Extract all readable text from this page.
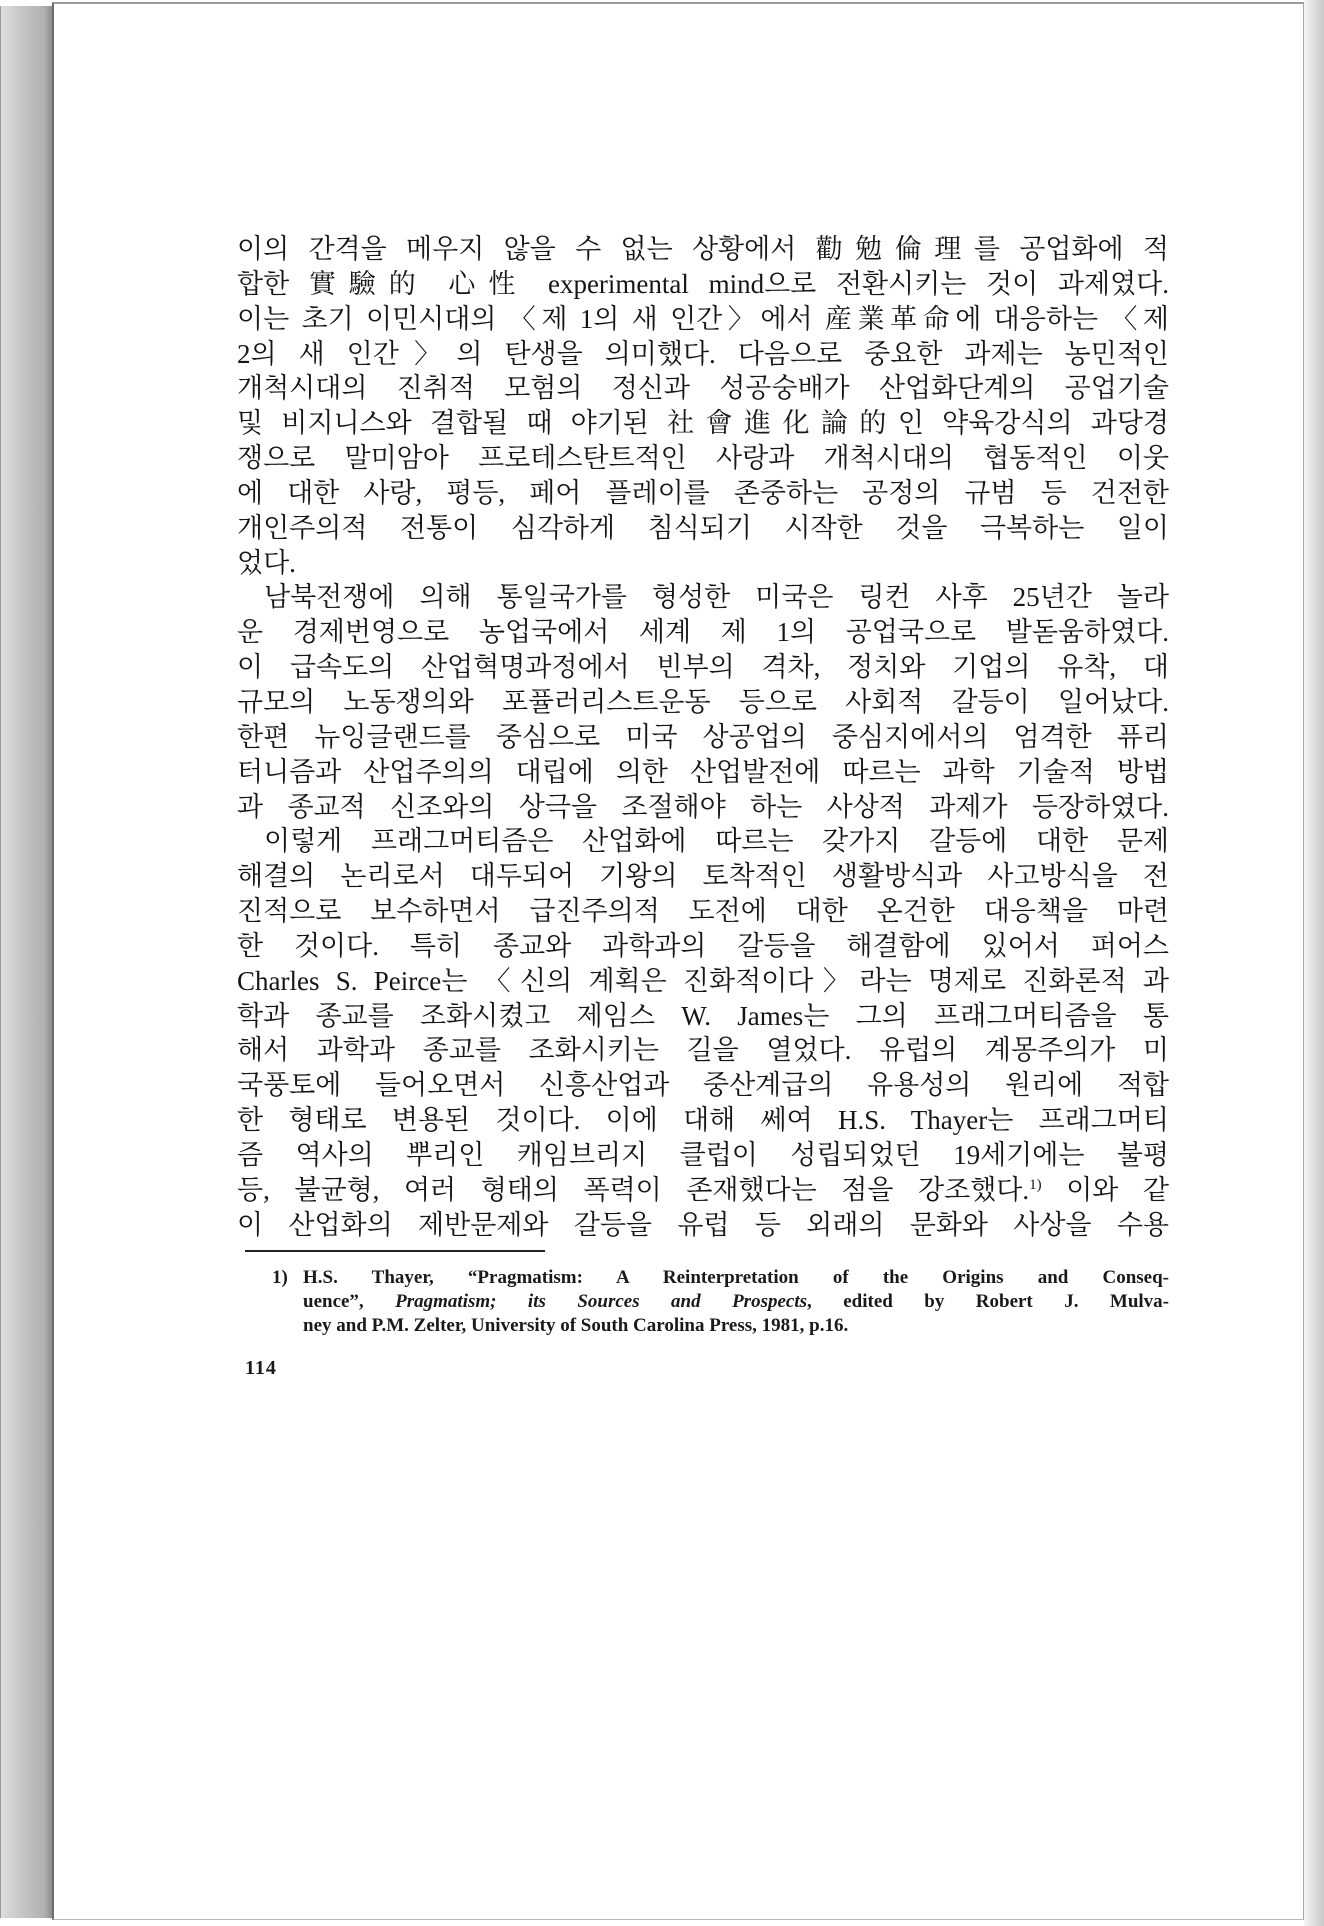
이의 간격을 메우지 않을 수 없는 상황에서 勸勉倫理를 공업화에 적
합한 實驗的 心性 experimental mind으로 전환시키는 것이 과제였다.
이는 초기 이민시대의 〈제 1의 새 인간〉에서 産業革命에 대응하는 〈제
2의 새 인간〉의 탄생을 의미했다. 다음으로 중요한 과제는 농민적인
개척시대의 진취적 모험의 정신과 성공숭배가 산업화단계의 공업기술
및 비지니스와 결합될 때 야기된 社會進化論的인 약육강식의 과당경
쟁으로 말미암아 프로테스탄트적인 사랑과 개척시대의 협동적인 이웃
에 대한 사랑, 평등, 페어 플레이를 존중하는 공정의 규범 등 건전한
개인주의적 전통이 심각하게 침식되기 시작한 것을 극복하는 일이
었다.
남북전쟁에 의해 통일국가를 형성한 미국은 링컨 사후 25년간 놀라
운 경제번영으로 농업국에서 세계 제 1의 공업국으로 발돋움하였다.
이 급속도의 산업혁명과정에서 빈부의 격차, 정치와 기업의 유착, 대
규모의 노동쟁의와 포퓰러리스트운동 등으로 사회적 갈등이 일어났다.
한편 뉴잉글랜드를 중심으로 미국 상공업의 중심지에서의 엄격한 퓨리
터니즘과 산업주의의 대립에 의한 산업발전에 따르는 과학 기술적 방법
과 종교적 신조와의 상극을 조절해야 하는 사상적 과제가 등장하였다.
이렇게 프래그머티즘은 산업화에 따르는 갖가지 갈등에 대한 문제
해결의 논리로서 대두되어 기왕의 토착적인 생활방식과 사고방식을 전
진적으로 보수하면서 급진주의적 도전에 대한 온건한 대응책을 마련
한 것이다. 특히 종교와 과학과의 갈등을 해결함에 있어서 퍼어스
Charles S. Peirce는 〈신의 계획은 진화적이다〉라는 명제로 진화론적 과
학과 종교를 조화시켰고 제임스 W. James는 그의 프래그머티즘을 통
해서 과학과 종교를 조화시키는 길을 열었다. 유럽의 계몽주의가 미
국풍토에 들어오면서 신흥산업과 중산계급의 유용성의 원리에 적합
한 형태로 변용된 것이다. 이에 대해 쎄여 H.S. Thayer는 프래그머티
즘 역사의 뿌리인 캐임브리지 클럽이 성립되었던 19세기에는 불평
등, 불균형, 여러 형태의 폭력이 존재했다는 점을 강조했다.$^{1)}$ 이와 같
이 산업화의 제반문제와 갈등을 유럽 등 외래의 문화와 사상을 수용
1) H.S. Thayer, “Pragmatism: A Reinterpretation of the Origins and Conseq-
uence”, Pragmatism; its Sources and Prospects, edited by Robert J. Mulva-
ney and P.M. Zelter, University of South Carolina Press, 1981, p.16.
114
